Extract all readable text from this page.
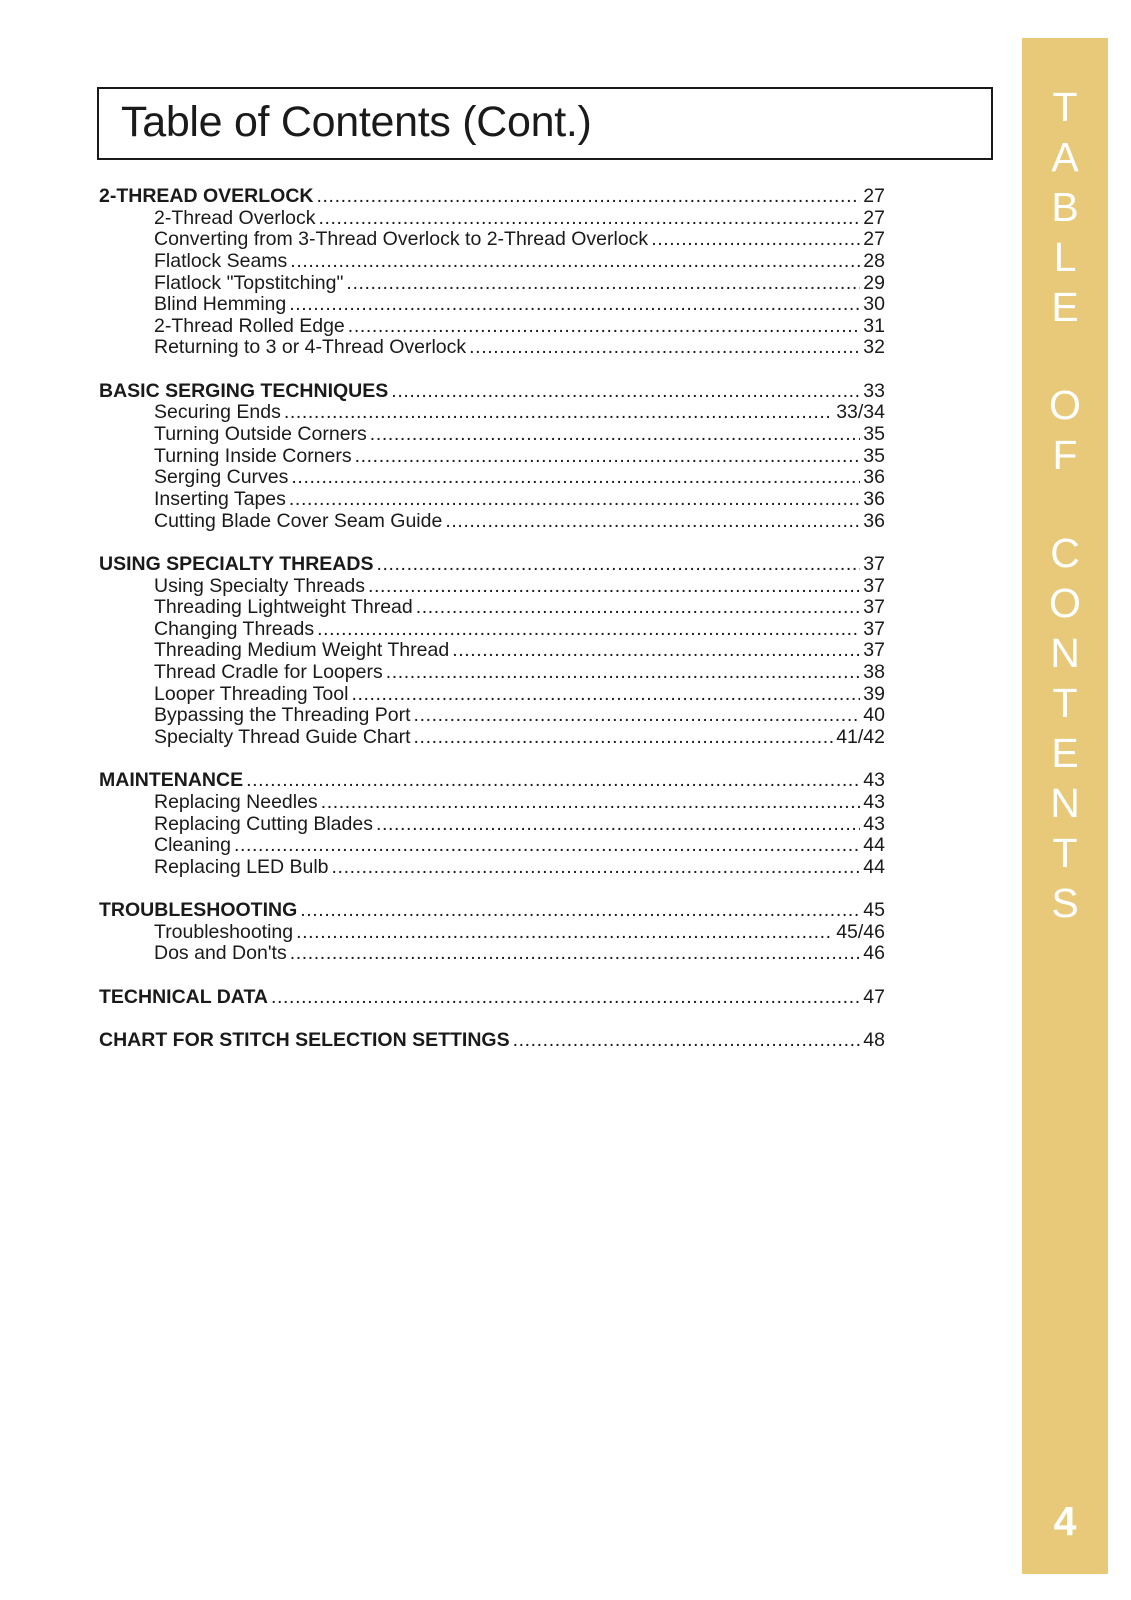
Table of Contents (Cont.)
2-THREAD OVERLOCK .....	27
2-Thread Overlock .....	27
Converting from 3-Thread Overlock to 2-Thread Overlock .....	27
Flatlock Seams .....	28
Flatlock "Topstitching" .....	29
Blind Hemming .....	30
2-Thread Rolled Edge .....	31
Returning to 3 or 4-Thread Overlock .....	32
BASIC SERGING TECHNIQUES .....	33
Securing Ends .....	33/34
Turning Outside Corners .....	35
Turning Inside Corners .....	35
Serging Curves .....	36
Inserting Tapes .....	36
Cutting Blade Cover Seam Guide .....	36
USING SPECIALTY THREADS .....	37
Using Specialty Threads .....	37
Threading Lightweight Thread .....	37
Changing Threads .....	37
Threading Medium Weight Thread .....	37
Thread Cradle for Loopers .....	38
Looper Threading Tool .....	39
Bypassing the Threading Port .....	40
Specialty Thread Guide Chart .....	41/42
MAINTENANCE .....	43
Replacing Needles .....	43
Replacing Cutting Blades .....	43
Cleaning .....	44
Replacing LED Bulb .....	44
TROUBLESHOOTING .....	45
Troubleshooting .....	45/46
Dos and Don'ts .....	46
TECHNICAL DATA .....	47
CHART FOR STITCH SELECTION SETTINGS .....	48
T
A
B
L
E
O
F
C
O
N
T
E
N
T
S
4
